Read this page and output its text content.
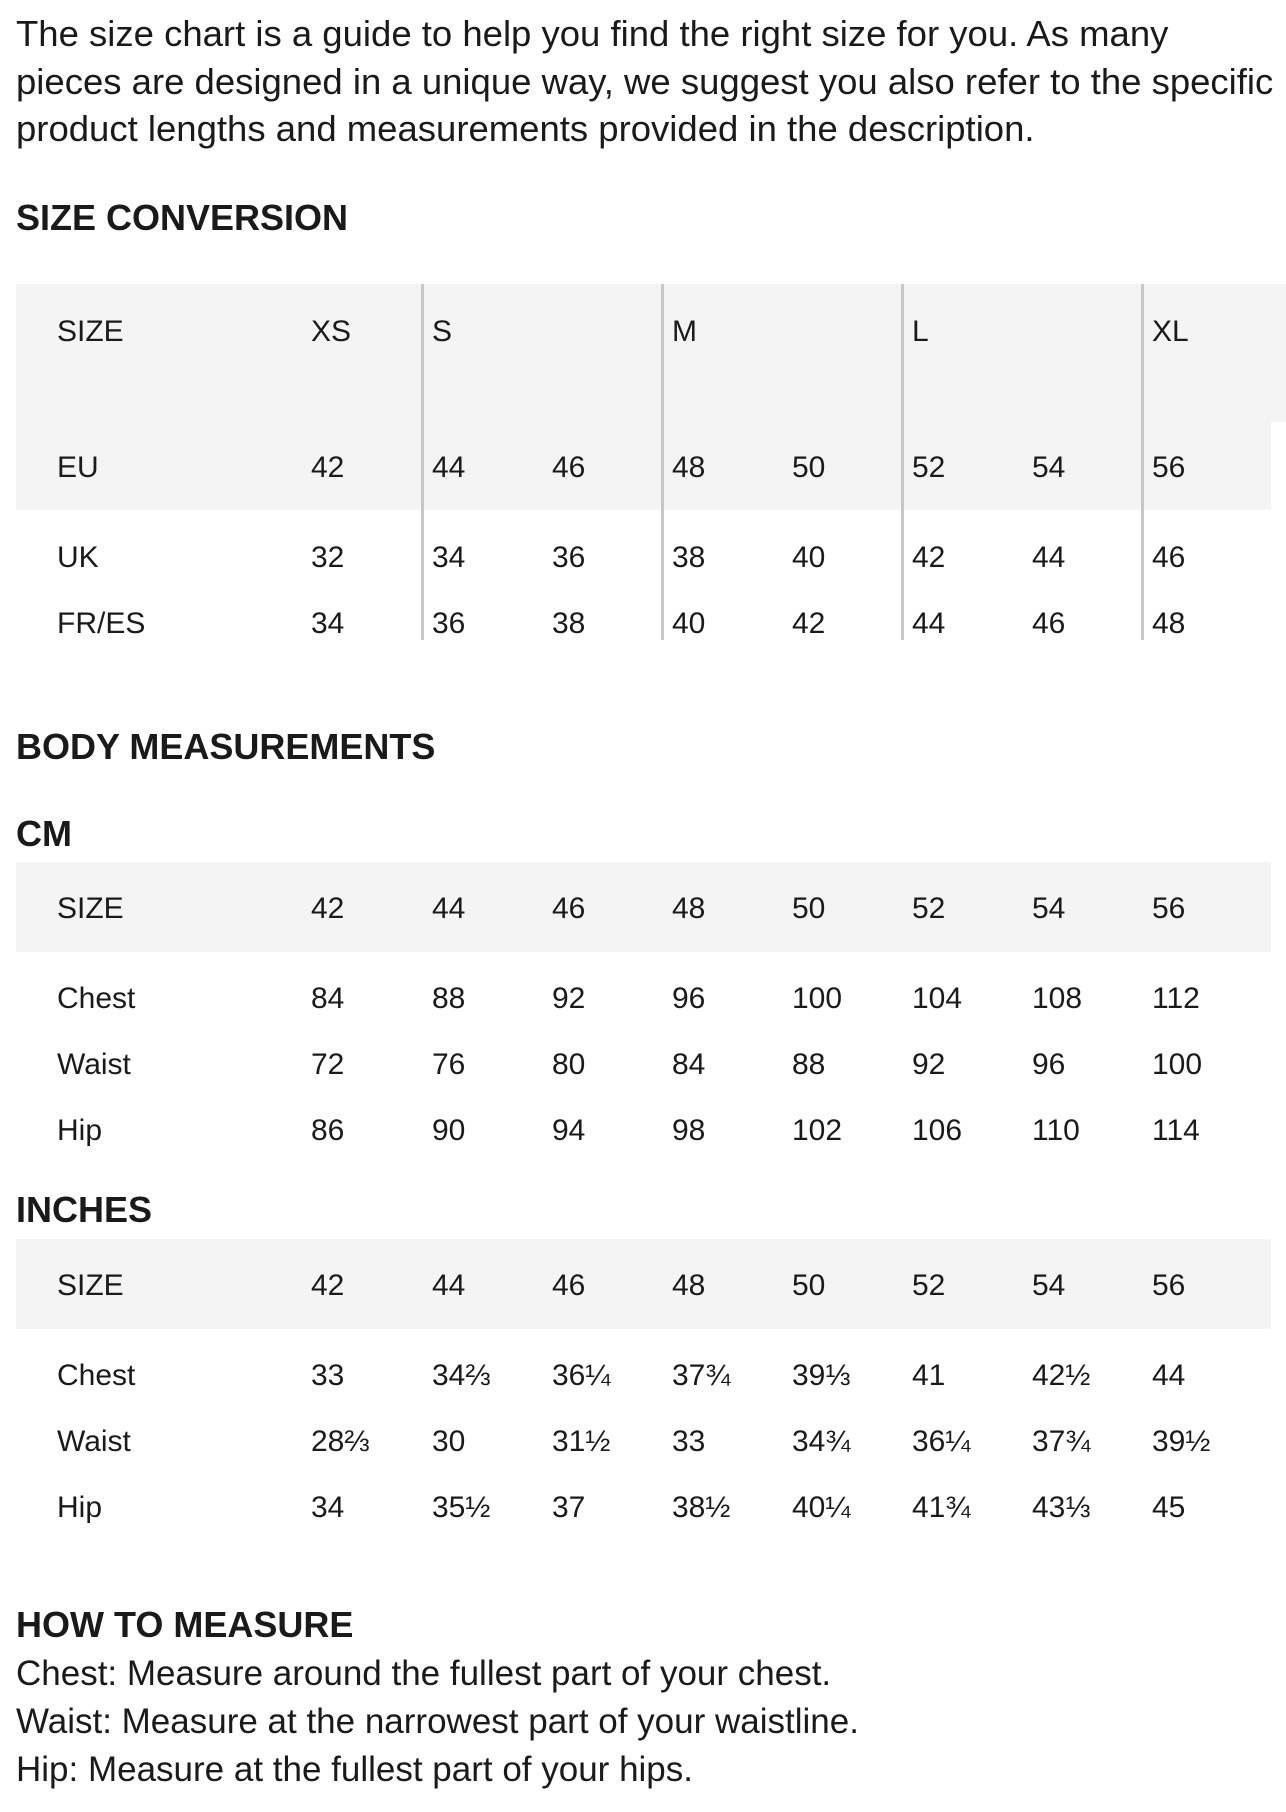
The size chart is a guide to help you find the right size for you. As many pieces are designed in a unique way, we suggest you also refer to the specific product lengths and measurements provided in the description.

SIZE CONVERSION
SIZE	XS	S	M	L	XL
EU	42	44	46	48	50	52	54	56
UK	32	34	36	38	40	42	44	46
FR/ES	34	36	38	40	42	44	46	48
BODY MEASUREMENTS
CM
SIZE	42	44	46	48	50	52	54	56
Chest	84	88	92	96	100 104 108 112
Waist	72	76	80	84	88	92	96	100
Hip	86	90	94	98	102 106 110 114
INCHES
SIZE	42	44	46	48	50	52	54	56
Chest	33	34⅔ 36¼ 37¾ 39⅓ 41	42½ 44
Waist	28⅔ 30	31½ 33	34¾ 36¼ 37¾ 39½
Hip	34	35½ 37	38½ 40¼ 41¾ 43⅓ 45
HOW TO MEASURE
Chest: Measure around the fullest part of your chest.
Waist: Measure at the narrowest part of your waistline.
Hip: Measure at the fullest part of your hips.
